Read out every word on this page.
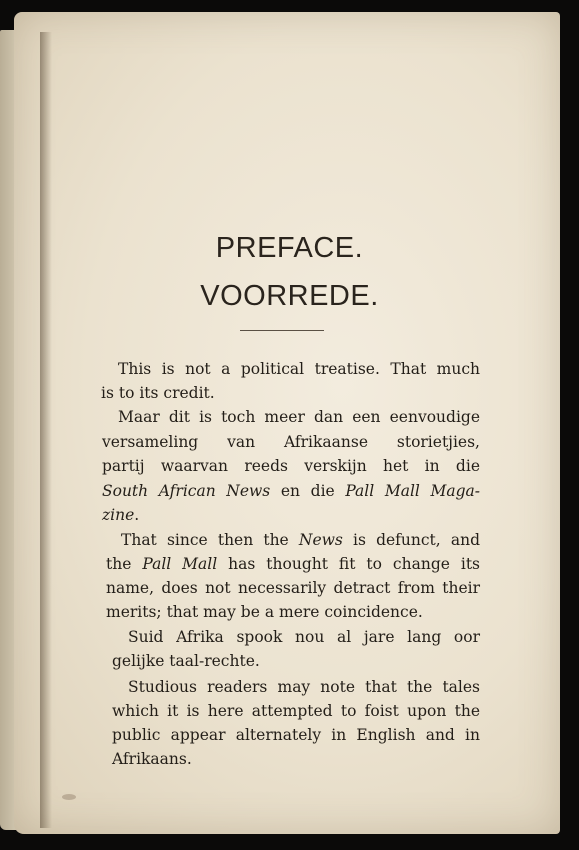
PREFACE.
VOORREDE.
This is not a political treatise. That much
is to its credit.
Maar dit is toch meer dan een eenvoudige
versameling van Afrikaanse storietjies,
partij waarvan reeds verskijn het in die
South African News en die Pall Mall Maga-
zine.
That since then the News is defunct, and
the Pall Mall has thought fit to change its
name, does not necessarily detract from their
merits; that may be a mere coincidence.
Suid Afrika spook nou al jare lang oor
gelijke taal-rechte.
Studious readers may note that the tales
which it is here attempted to foist upon the
public appear alternately in English and in
Afrikaans.
